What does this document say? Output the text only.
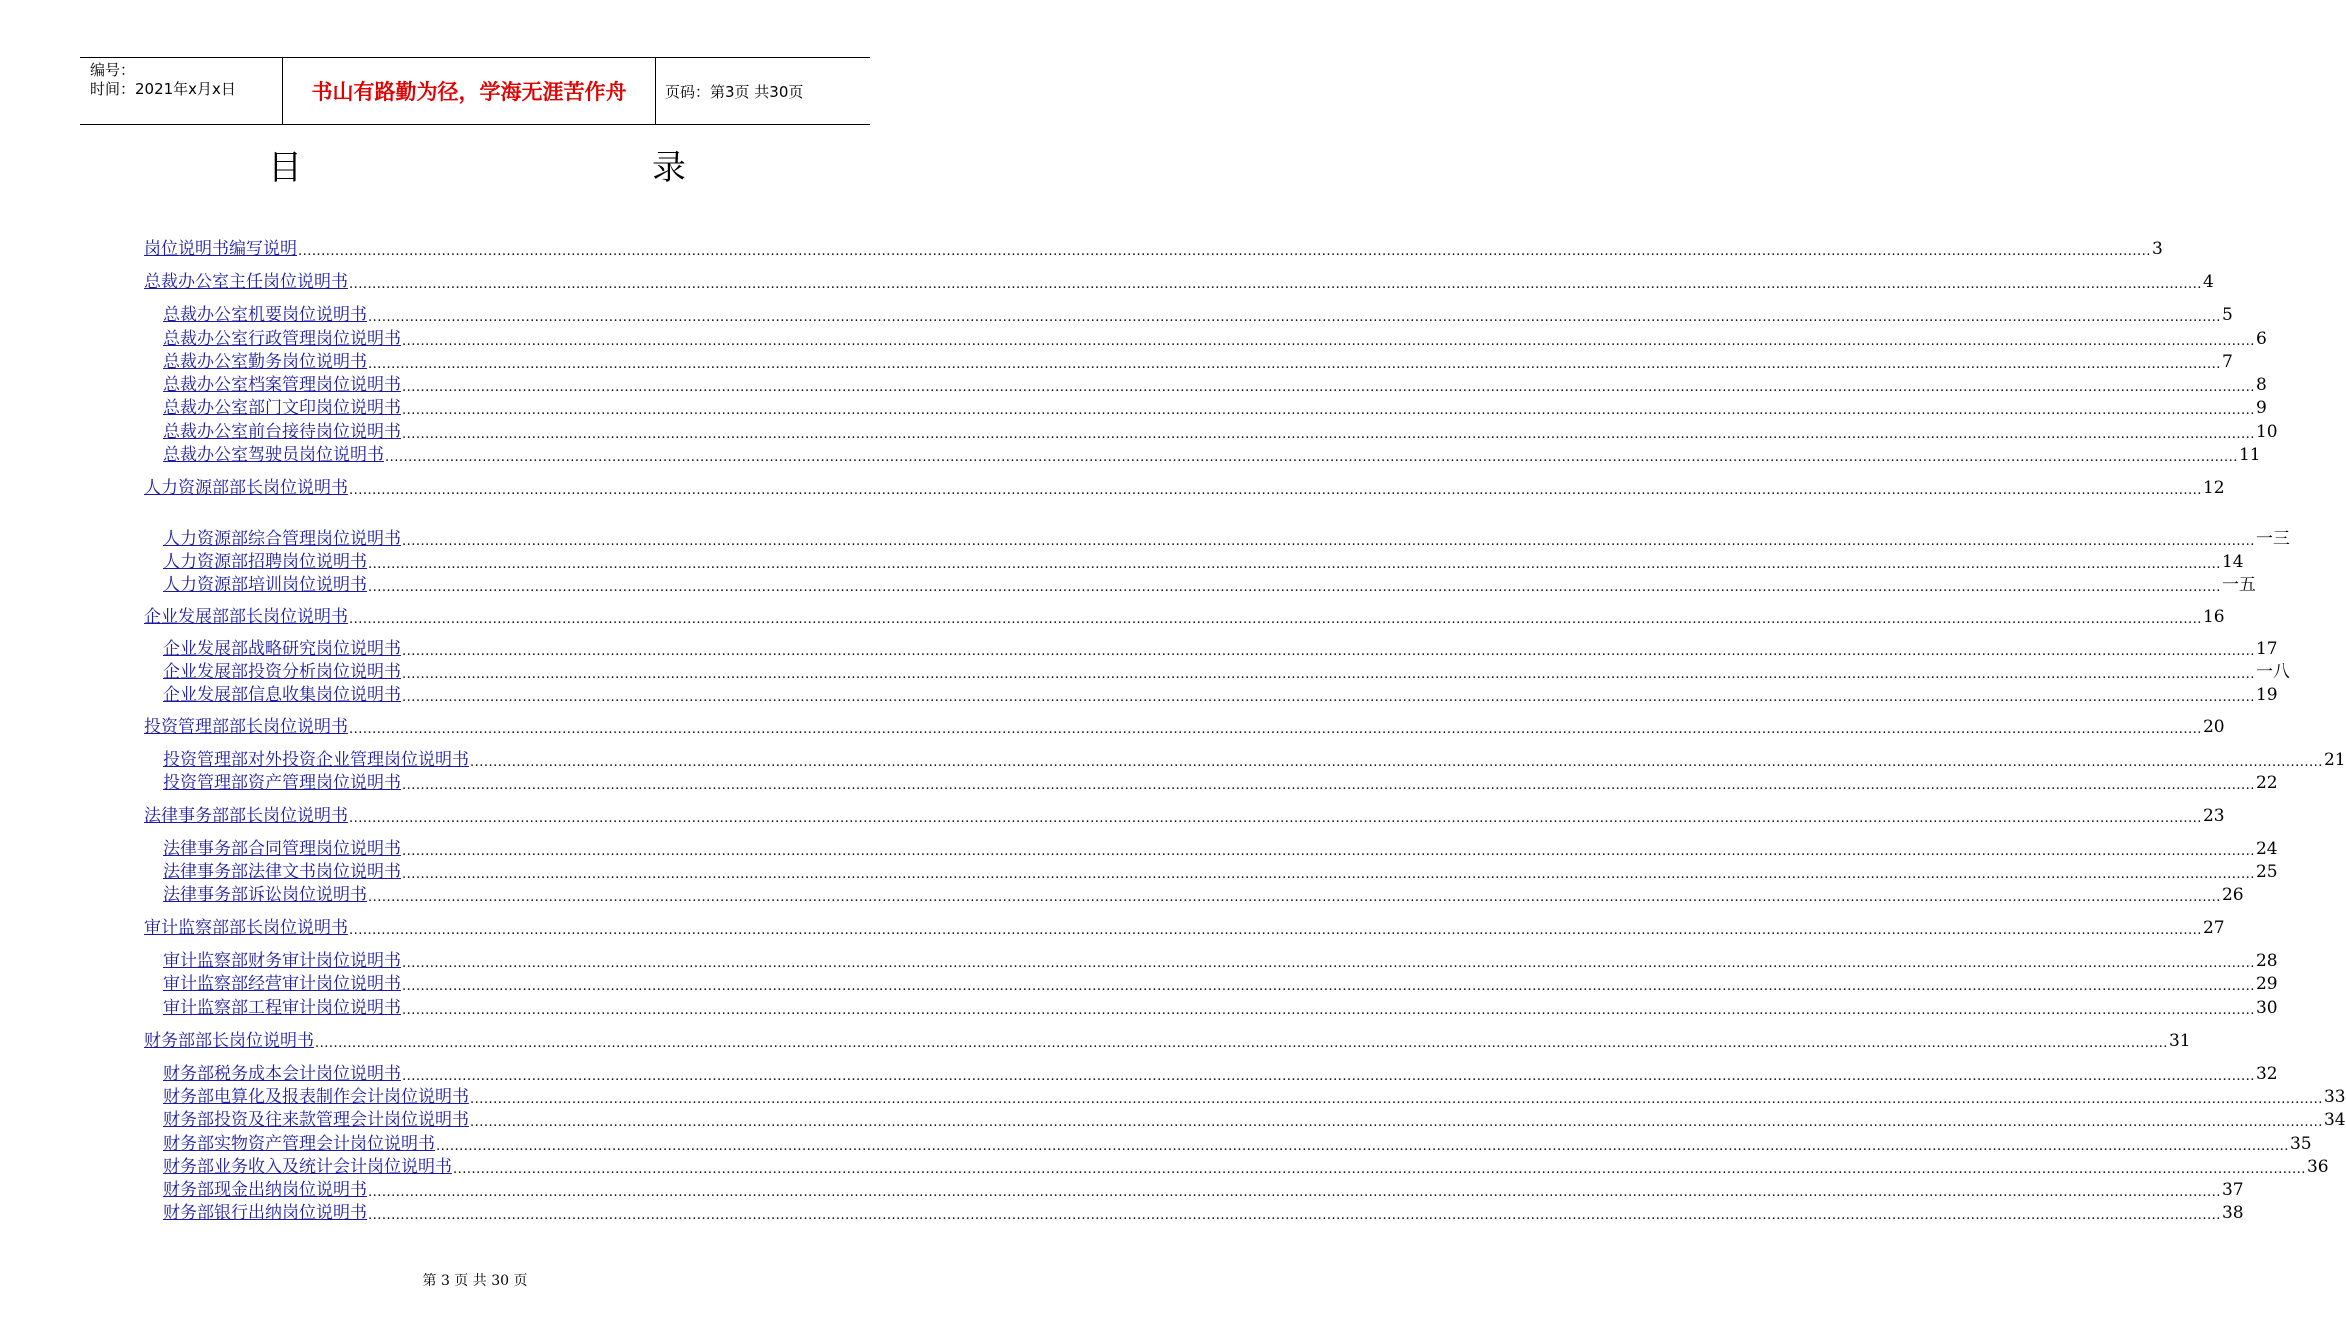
编号：
时间：2021年x月x日	书山有路勤为径，学海无涯苦作舟	页码：第3页 共30页
目	录
岗位说明书编写说明 ................................................................................................................................................................................................................................................................................................................................................................................................................ 3
总裁办公室主任岗位说明书 ................................................................................................................................................................................................................................................................................................................................................................................................................ 4
总裁办公室机要岗位说明书 ................................................................................................................................................................................................................................................................................................................................................................................................................ 5
总裁办公室行政管理岗位说明书 ................................................................................................................................................................................................................................................................................................................................................................................................................ 6
总裁办公室勤务岗位说明书 ................................................................................................................................................................................................................................................................................................................................................................................................................ 7
总裁办公室档案管理岗位说明书 ................................................................................................................................................................................................................................................................................................................................................................................................................ 8
总裁办公室部门文印岗位说明书 ................................................................................................................................................................................................................................................................................................................................................................................................................ 9
总裁办公室前台接待岗位说明书 ................................................................................................................................................................................................................................................................................................................................................................................................................ 10
总裁办公室驾驶员岗位说明书 ................................................................................................................................................................................................................................................................................................................................................................................................................ 11
人力资源部部长岗位说明书 ................................................................................................................................................................................................................................................................................................................................................................................................................ 12
人力资源部综合管理岗位说明书 ................................................................................................................................................................................................................................................................................................................................................................................................................ 一三
人力资源部招聘岗位说明书 ................................................................................................................................................................................................................................................................................................................................................................................................................ 14
人力资源部培训岗位说明书 ................................................................................................................................................................................................................................................................................................................................................................................................................ 一五
企业发展部部长岗位说明书 ................................................................................................................................................................................................................................................................................................................................................................................................................ 16
企业发展部战略研究岗位说明书 ................................................................................................................................................................................................................................................................................................................................................................................................................ 17
企业发展部投资分析岗位说明书 ................................................................................................................................................................................................................................................................................................................................................................................................................ 一八
企业发展部信息收集岗位说明书 ................................................................................................................................................................................................................................................................................................................................................................................................................ 19
投资管理部部长岗位说明书 ................................................................................................................................................................................................................................................................................................................................................................................................................ 20
投资管理部对外投资企业管理岗位说明书 ................................................................................................................................................................................................................................................................................................................................................................................................................ 21
投资管理部资产管理岗位说明书 ................................................................................................................................................................................................................................................................................................................................................................................................................ 22
法律事务部部长岗位说明书 ................................................................................................................................................................................................................................................................................................................................................................................................................ 23
法律事务部合同管理岗位说明书 ................................................................................................................................................................................................................................................................................................................................................................................................................ 24
法律事务部法律文书岗位说明书 ................................................................................................................................................................................................................................................................................................................................................................................................................ 25
法律事务部诉讼岗位说明书 ................................................................................................................................................................................................................................................................................................................................................................................................................ 26
审计监察部部长岗位说明书 ................................................................................................................................................................................................................................................................................................................................................................................................................ 27
审计监察部财务审计岗位说明书 ................................................................................................................................................................................................................................................................................................................................................................................................................ 28
审计监察部经营审计岗位说明书 ................................................................................................................................................................................................................................................................................................................................................................................................................ 29
审计监察部工程审计岗位说明书 ................................................................................................................................................................................................................................................................................................................................................................................................................ 30
财务部部长岗位说明书 ................................................................................................................................................................................................................................................................................................................................................................................................................ 31
财务部税务成本会计岗位说明书 ................................................................................................................................................................................................................................................................................................................................................................................................................ 32
财务部电算化及报表制作会计岗位说明书 ................................................................................................................................................................................................................................................................................................................................................................................................................ 33
财务部投资及往来款管理会计岗位说明书 ................................................................................................................................................................................................................................................................................................................................................................................................................ 34
财务部实物资产管理会计岗位说明书 ................................................................................................................................................................................................................................................................................................................................................................................................................ 35
财务部业务收入及统计会计岗位说明书 ................................................................................................................................................................................................................................................................................................................................................................................................................ 36
财务部现金出纳岗位说明书 ................................................................................................................................................................................................................................................................................................................................................................................................................ 37
财务部银行出纳岗位说明书 ................................................................................................................................................................................................................................................................................................................................................................................................................ 38
第 3 页 共 30 页
